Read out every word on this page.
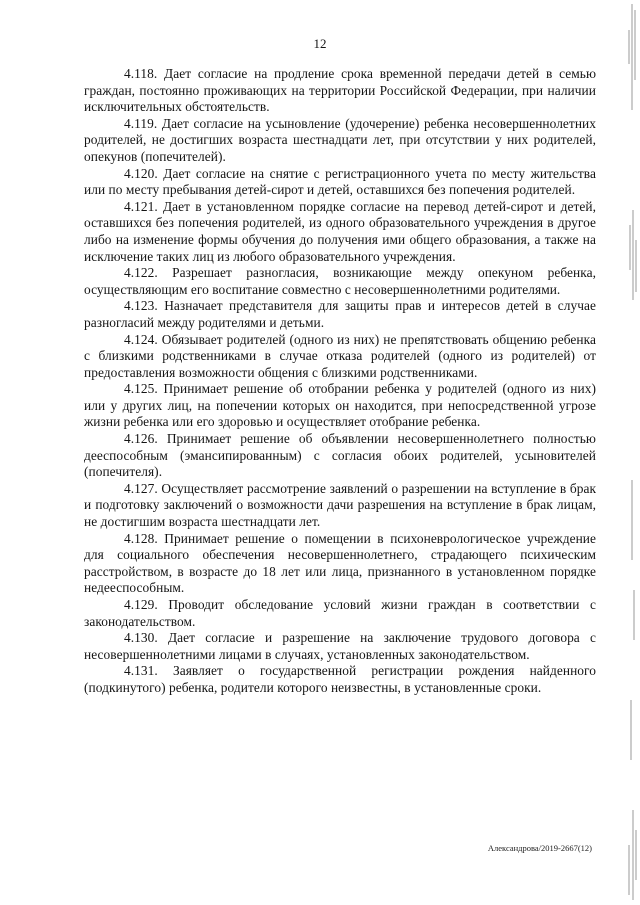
12

4.118. Дает согласие на продление срока временной передачи детей в семью граждан, постоянно проживающих на территории Российской Федерации, при наличии исключительных обстоятельств.

4.119. Дает согласие на усыновление (удочерение) ребенка несовершеннолетних родителей, не достигших возраста шестнадцати лет, при отсутствии у них родителей, опекунов (попечителей).

4.120. Дает согласие на снятие с регистрационного учета по месту жительства или по месту пребывания детей-сирот и детей, оставшихся без попечения родителей.

4.121. Дает в установленном порядке согласие на перевод детей-сирот и детей, оставшихся без попечения родителей, из одного образовательного учреждения в другое либо на изменение формы обучения до получения ими общего образования, а также на исключение таких лиц из любого образовательного учреждения.

4.122. Разрешает разногласия, возникающие между опекуном ребенка, осуществляющим его воспитание совместно с несовершеннолетними родителями.

4.123. Назначает представителя для защиты прав и интересов детей в случае разногласий между родителями и детьми.

4.124. Обязывает родителей (одного из них) не препятствовать общению ребенка с близкими родственниками в случае отказа родителей (одного из родителей) от предоставления возможности общения с близкими родственниками.

4.125. Принимает решение об отобрании ребенка у родителей (одного из них) или у других лиц, на попечении которых он находится, при непосредственной угрозе жизни ребенка или его здоровью и осуществляет отобрание ребенка.

4.126. Принимает решение об объявлении несовершеннолетнего полностью дееспособным (эмансипированным) с согласия обоих родителей, усыновителей (попечителя).

4.127. Осуществляет рассмотрение заявлений о разрешении на вступление в брак и подготовку заключений о возможности дачи разрешения на вступление в брак лицам, не достигшим возраста шестнадцати лет.

4.128. Принимает решение о помещении в психоневрологическое учреждение для социального обеспечения несовершеннолетнего, страдающего психическим расстройством, в возрасте до 18 лет или лица, признанного в установленном порядке недееспособным.

4.129. Проводит обследование условий жизни граждан в соответствии с законодательством.

4.130. Дает согласие и разрешение на заключение трудового договора с несовершеннолетними лицами в случаях, установленных законодательством.

4.131. Заявляет о государственной регистрации рождения найденного (подкинутого) ребенка, родители которого неизвестны, в установленные сроки.

Александрова/2019-2667(12)
